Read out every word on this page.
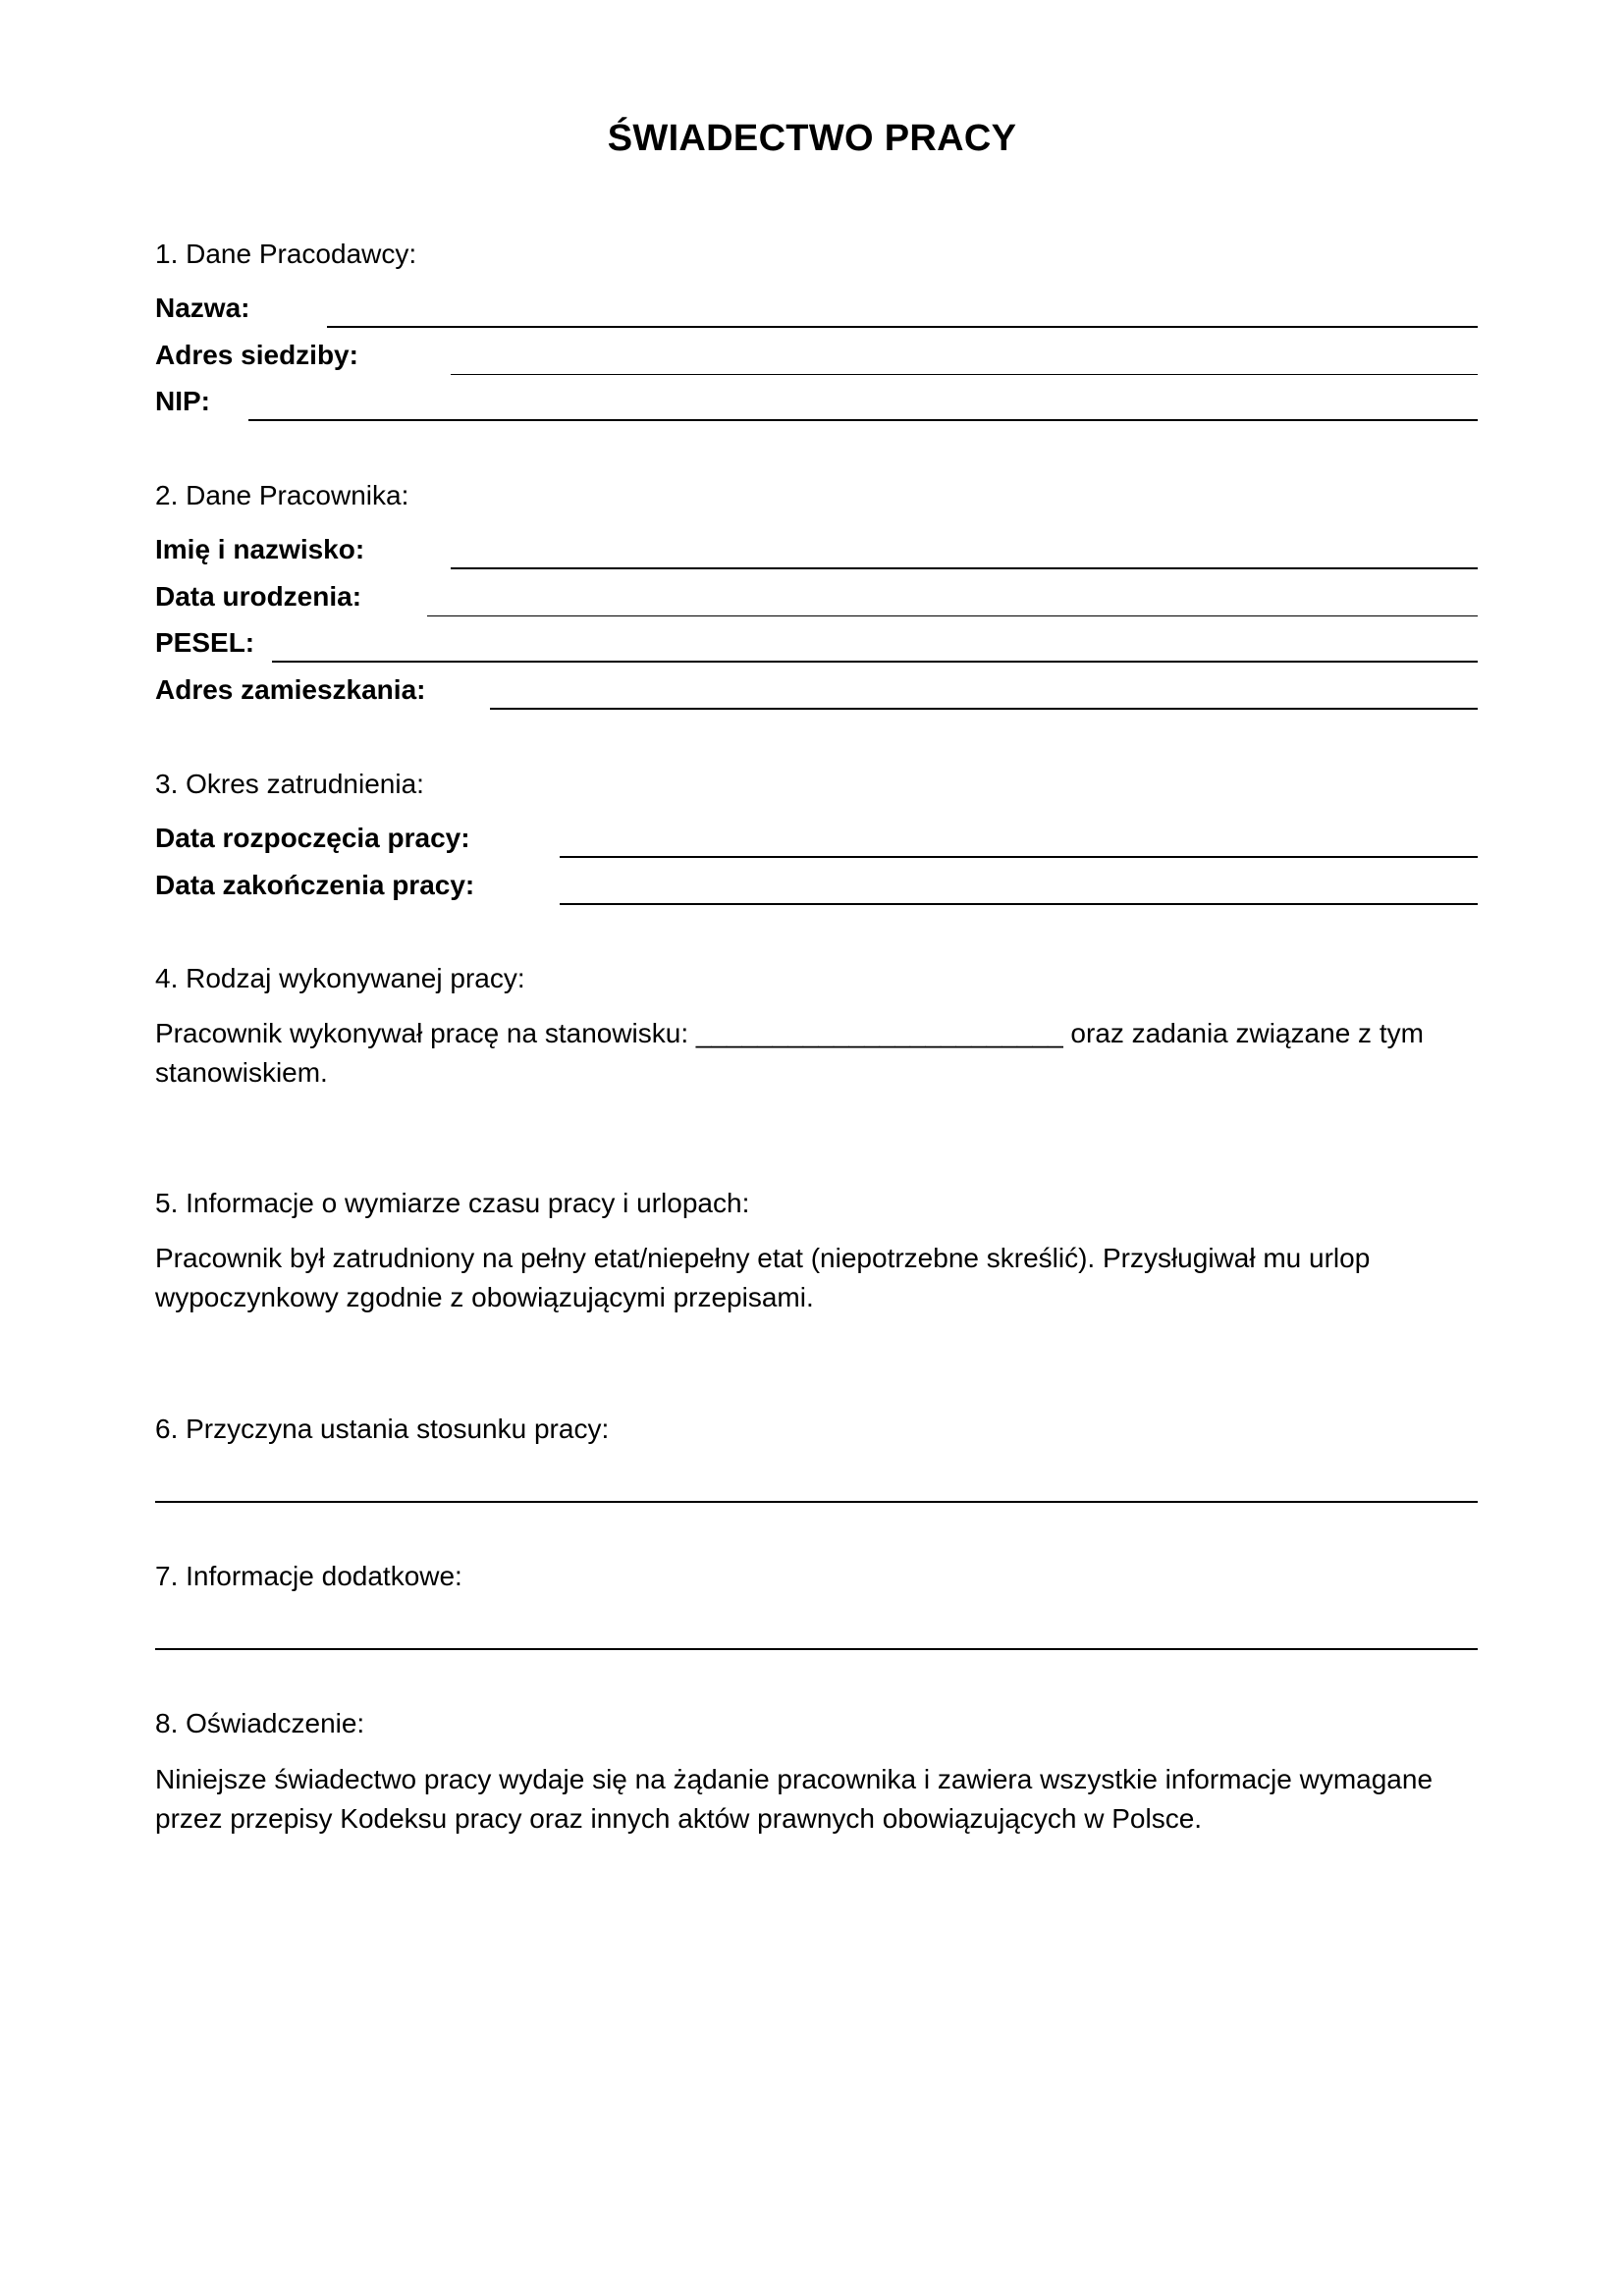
ŚWIADECTWO PRACY
1. Dane Pracodawcy:
Nazwa:
Adres siedziby:
NIP:
2. Dane Pracownika:
Imię i nazwisko:
Data urodzenia:
PESEL:
Adres zamieszkania:
3. Okres zatrudnienia:
Data rozpoczęcia pracy:
Data zakończenia pracy:
4. Rodzaj wykonywanej pracy:
Pracownik wykonywał pracę na stanowisku: ________________________ oraz zadania związane z tym stanowiskiem.
5. Informacje o wymiarze czasu pracy i urlopach:
Pracownik był zatrudniony na pełny etat/niepełny etat (niepotrzebne skreślić). Przysługiwał mu urlop wypoczynkowy zgodnie z obowiązującymi przepisami.
6. Przyczyna ustania stosunku pracy:
7. Informacje dodatkowe:
8. Oświadczenie:
Niniejsze świadectwo pracy wydaje się na żądanie pracownika i zawiera wszystkie informacje wymagane przez przepisy Kodeksu pracy oraz innych aktów prawnych obowiązujących w Polsce.
